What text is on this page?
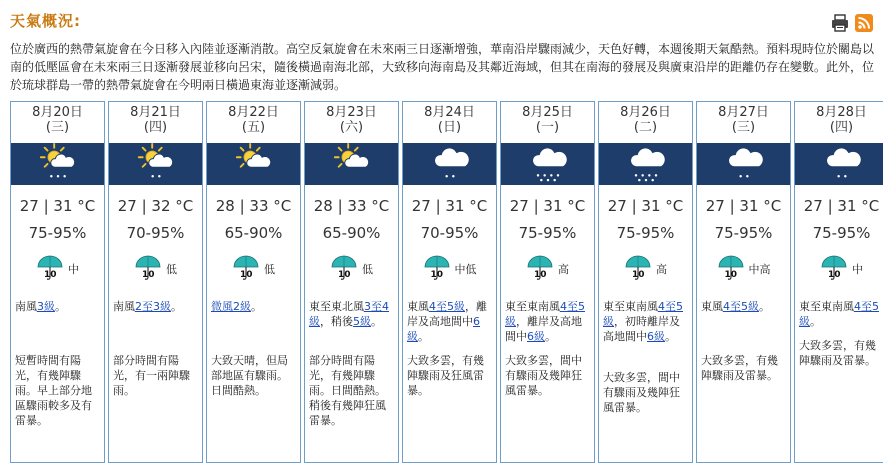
天氣概況:
位於廣西的熱帶氣旋會在今日移入內陸並逐漸消散。高空反氣旋會在未來兩三日逐漸增強，華南沿岸驟雨減少，天色好轉，本週後期天氣酷熱。預料現時位於關島以南的低壓區會在未來兩三日逐漸發展並移向呂宋，隨後橫過南海北部，大致移向海南島及其鄰近海域，但其在南海的發展及與廣東沿岸的距離仍存在變數。此外，位於琉球群島一帶的熱帶氣旋會在今明兩日橫過東海並逐漸減弱。
8月20日
(三)
27 | 31 °C
75-95%
10 中
南風3級。
短暫時間有陽光，有幾陣驟雨。早上部分地區驟雨較多及有雷暴。
8月21日
(四)
27 | 32 °C
70-95%
10 低
南風2至3級。
部分時間有陽光，有一兩陣驟雨。
8月22日
(五)
28 | 33 °C
65-90%
10 低
微風2級。
大致天晴，但局部地區有驟雨。日間酷熱。
8月23日
(六)
28 | 33 °C
65-90%
10 低
東至東北風3至4級，稍後5級。
部分時間有陽光，有幾陣驟雨。日間酷熱。稍後有幾陣狂風雷暴。
8月24日
(日)
27 | 31 °C
70-95%
10 中低
東風4至5級，離岸及高地間中6級。
大致多雲，有幾陣驟雨及狂風雷暴。
8月25日
(一)
27 | 31 °C
75-95%
10 高
東至東南風4至5級，離岸及高地間中6級。
大致多雲，間中有驟雨及幾陣狂風雷暴。
8月26日
(二)
27 | 31 °C
75-95%
10 高
東至東南風4至5級，初時離岸及高地間中6級。
大致多雲，間中有驟雨及幾陣狂風雷暴。
8月27日
(三)
27 | 31 °C
75-95%
10 中高
東風4至5級。
大致多雲，有幾陣驟雨及雷暴。
8月28日
(四)
27 | 31 °C
75-95%
10 中
東至東南風4至5級。
大致多雲，有幾陣驟雨及雷暴。
